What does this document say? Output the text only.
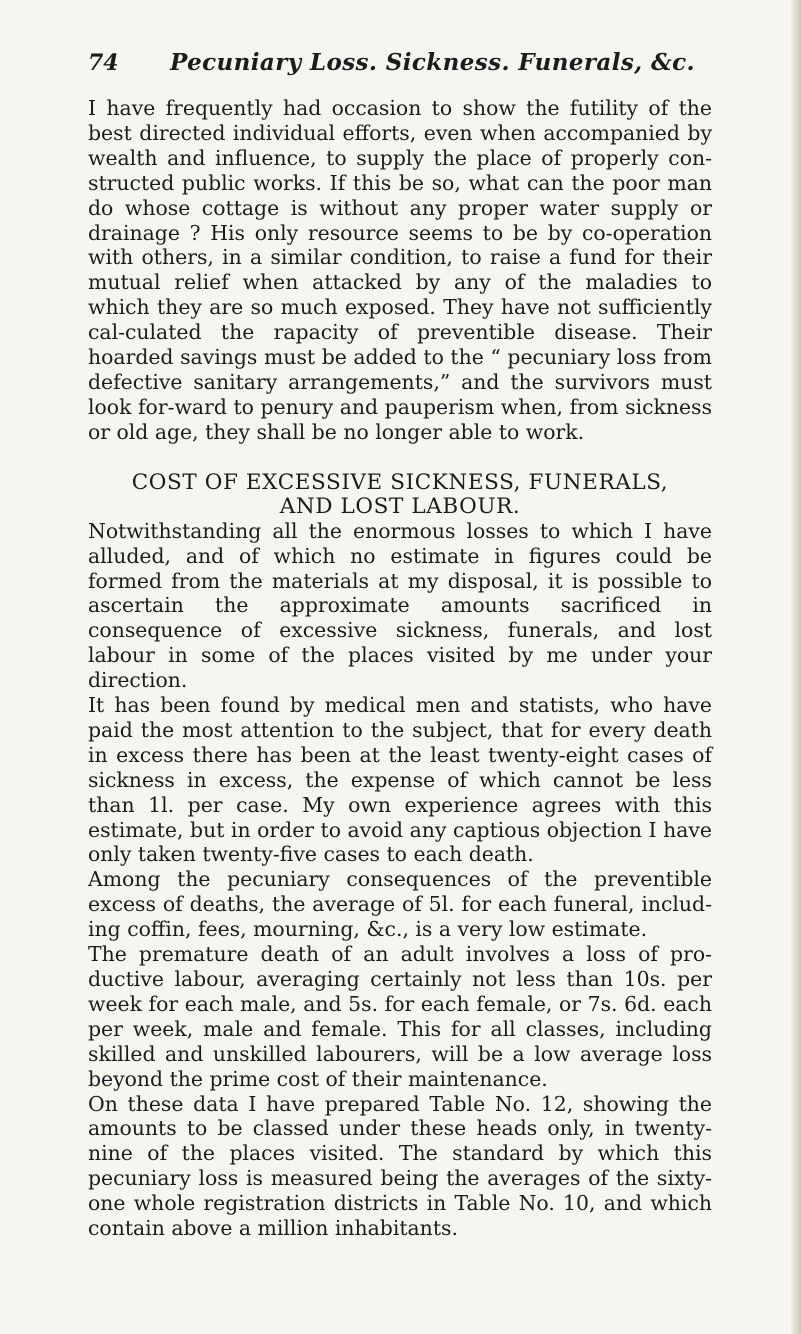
74 Pecuniary Loss. Sickness. Funerals, &c.

I have frequently had occasion to show the futility of the best directed individual efforts, even when accompanied by wealth and influence, to supply the place of properly con-structed public works. If this be so, what can the poor man do whose cottage is without any proper water supply or drainage ? His only resource seems to be by co-operation with others, in a similar condition, to raise a fund for their mutual relief when attacked by any of the maladies to which they are so much exposed. They have not sufficiently cal-culated the rapacity of preventible disease. Their hoarded savings must be added to the “ pecuniary loss from defective sanitary arrangements,” and the survivors must look for-ward to penury and pauperism when, from sickness or old age, they shall be no longer able to work.

COST OF EXCESSIVE SICKNESS, FUNERALS,
AND LOST LABOUR.

Notwithstanding all the enormous losses to which I have alluded, and of which no estimate in figures could be formed from the materials at my disposal, it is possible to ascertain the approximate amounts sacrificed in consequence of excessive sickness, funerals, and lost labour in some of the places visited by me under your direction.

It has been found by medical men and statists, who have paid the most attention to the subject, that for every death in excess there has been at the least twenty-eight cases of sickness in excess, the expense of which cannot be less than 1l. per case. My own experience agrees with this estimate, but in order to avoid any captious objection I have only taken twenty-five cases to each death.

Among the pecuniary consequences of the preventible excess of deaths, the average of 5l. for each funeral, includ-ing coffin, fees, mourning, &c., is a very low estimate.

The premature death of an adult involves a loss of pro-ductive labour, averaging certainly not less than 10s. per week for each male, and 5s. for each female, or 7s. 6d. each per week, male and female. This for all classes, including skilled and unskilled labourers, will be a low average loss beyond the prime cost of their maintenance.

On these data I have prepared Table No. 12, showing the amounts to be classed under these heads only, in twenty-nine of the places visited. The standard by which this pecuniary loss is measured being the averages of the sixty-one whole registration districts in Table No. 10, and which contain above a million inhabitants.
